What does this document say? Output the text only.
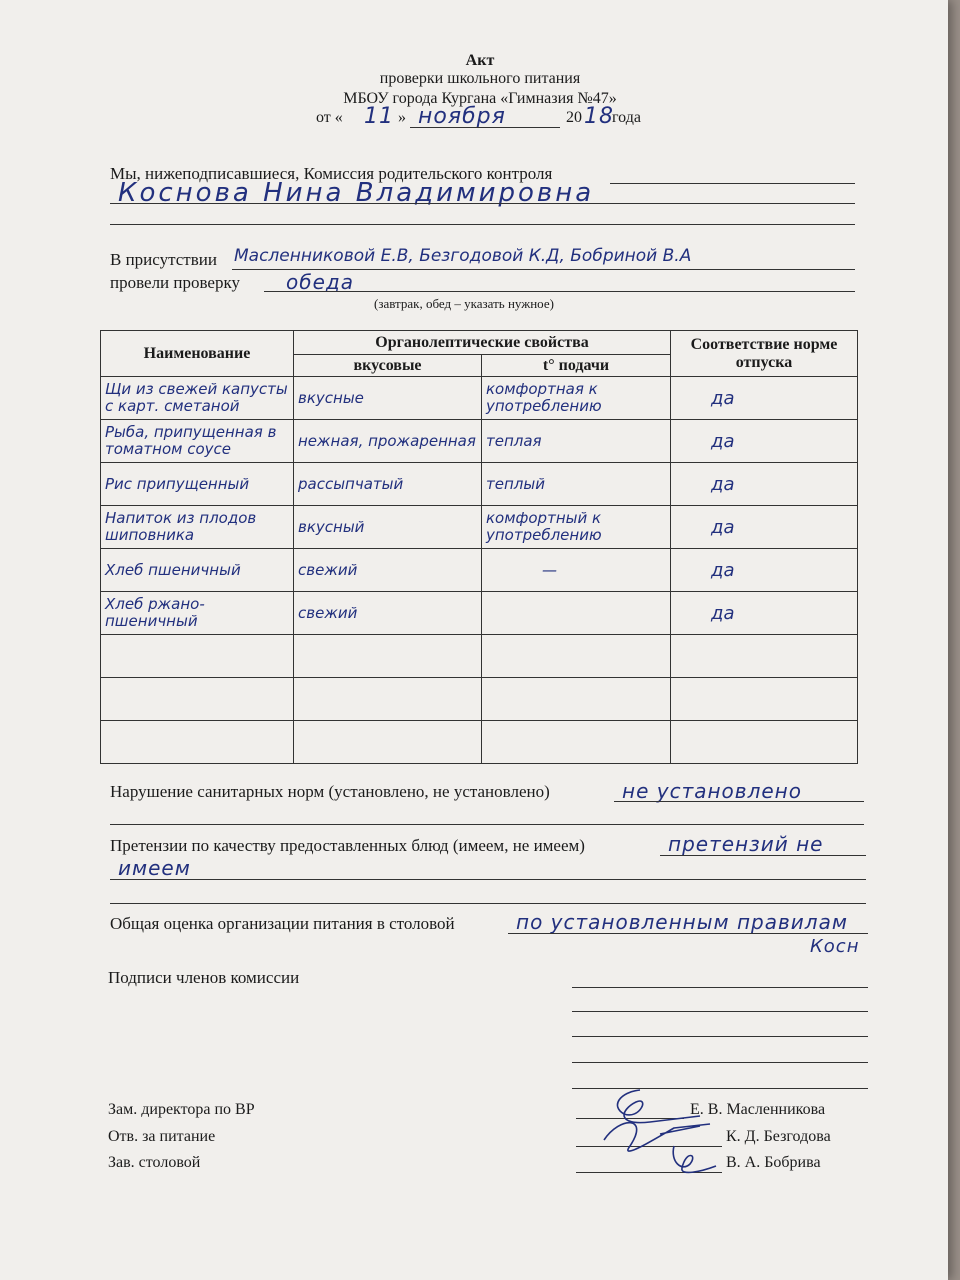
Акт
проверки школьного питания
МБОУ города Кургана «Гимназия №47»
от « 11 » ноября	20 18
года
Мы, нижеподписавшиеся, Комиссия родительского контроля
Коснова Нина Владимировна
В присутствии Масленниковой Е.В, Безгодовой К.Д, Бобриной В.А
провели проверку обеда
(завтрак, обед – указать нужное)
Наименование	Органолептические свойства		Соответствие норме отпуска
	вкусовые	t° подачи	

Щи из свежей капусты с карт. сметаной	вкусные	комфортная к употреблению	да

Рыба, припущенная в томатном соусе	нежная, прожаренная	теплая	да

Рис припущенный	рассыпчатый	теплый	да

Напиток из плодов шиповника	вкусный	комфортный к употреблению	да

Хлеб пшеничный	свежий	—	да

Хлеб ржано-пшеничный	свежий		да

Нарушение санитарных норм (установлено, не установлено)	не установлено
Претензии по качеству предоставленных блюд (имеем, не имеем)	претензий не
имеем
Общая оценка организации питания в столовой	по установленным правилам
Косн
Подписи членов комиссии
Зам. директора по ВР	Е. В. Масленникова
Отв. за питание	К. Д. Безгодова
Зав. столовой	В. А. Бобрива
